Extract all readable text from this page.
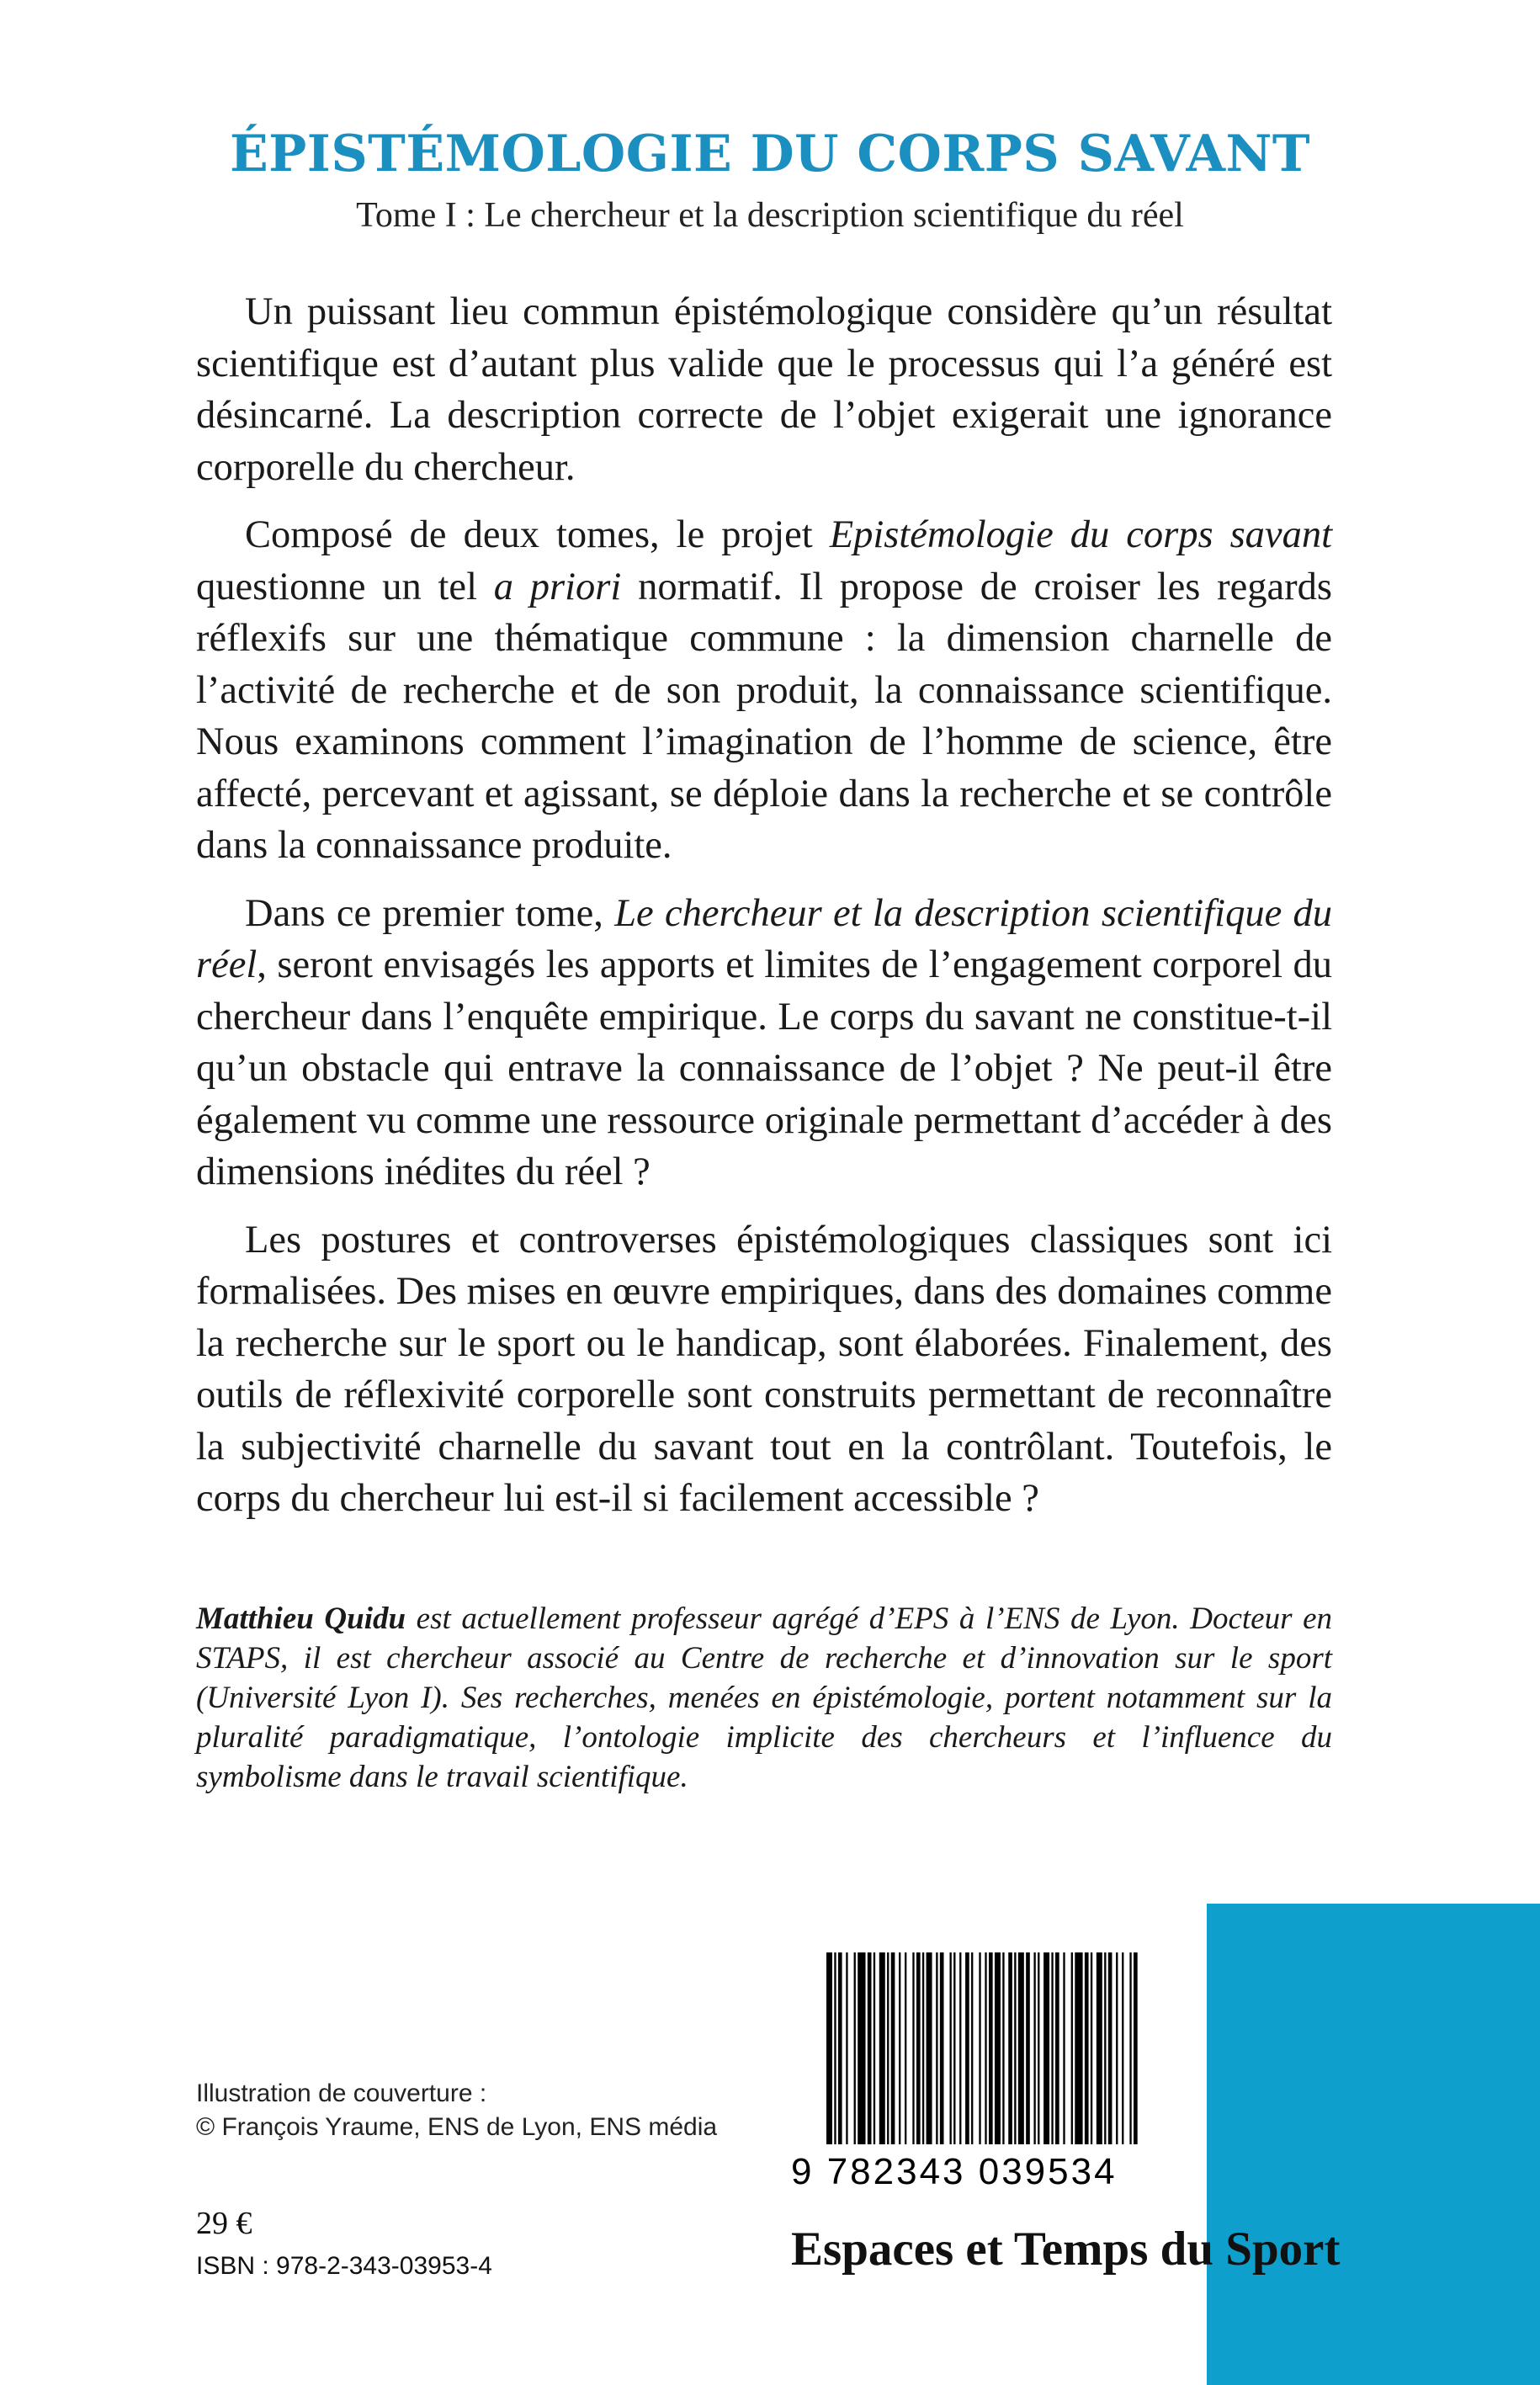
ÉPISTÉMOLOGIE DU CORPS SAVANT
Tome I : Le chercheur et la description scientifique du réel

Un puissant lieu commun épistémologique considère qu’un résultat scientifique est d’autant plus valide que le processus qui l’a généré est désincarné. La description correcte de l’objet exigerait une ignorance corporelle du chercheur.

Composé de deux tomes, le projet Epistémologie du corps savant questionne un tel a priori normatif. Il propose de croiser les regards réflexifs sur une thématique commune : la dimension charnelle de l’activité de recherche et de son produit, la connaissance scientifique. Nous examinons comment l’imagination de l’homme de science, être affecté, percevant et agissant, se déploie dans la recherche et se contrôle dans la connaissance produite.

Dans ce premier tome, Le chercheur et la description scientifique du réel, seront envisagés les apports et limites de l’engagement corporel du chercheur dans l’enquête empirique. Le corps du savant ne constitue-t-il qu’un obstacle qui entrave la connaissance de l’objet ? Ne peut-il être également vu comme une ressource originale permettant d’accéder à des dimensions inédites du réel ?

Les postures et controverses épistémologiques classiques sont ici formalisées. Des mises en œuvre empiriques, dans des domaines comme la recherche sur le sport ou le handicap, sont élaborées. Finalement, des outils de réflexivité corporelle sont construits permettant de reconnaître la subjectivité charnelle du savant tout en la contrôlant. Toutefois, le corps du chercheur lui est-il si facilement accessible ?

Matthieu Quidu est actuellement professeur agrégé d’EPS à l’ENS de Lyon. Docteur en STAPS, il est chercheur associé au Centre de recherche et d’innovation sur le sport (Université Lyon I). Ses recherches, menées en épistémologie, portent notamment sur la pluralité paradigmatique, l’ontologie implicite des chercheurs et l’influence du symbolisme dans le travail scientifique.

Illustration de couverture :
© François Yraume, ENS de Lyon, ENS média
29 €
ISBN : 978-2-343-03953-4
9 782343 039534
Espaces et Temps du Sport
